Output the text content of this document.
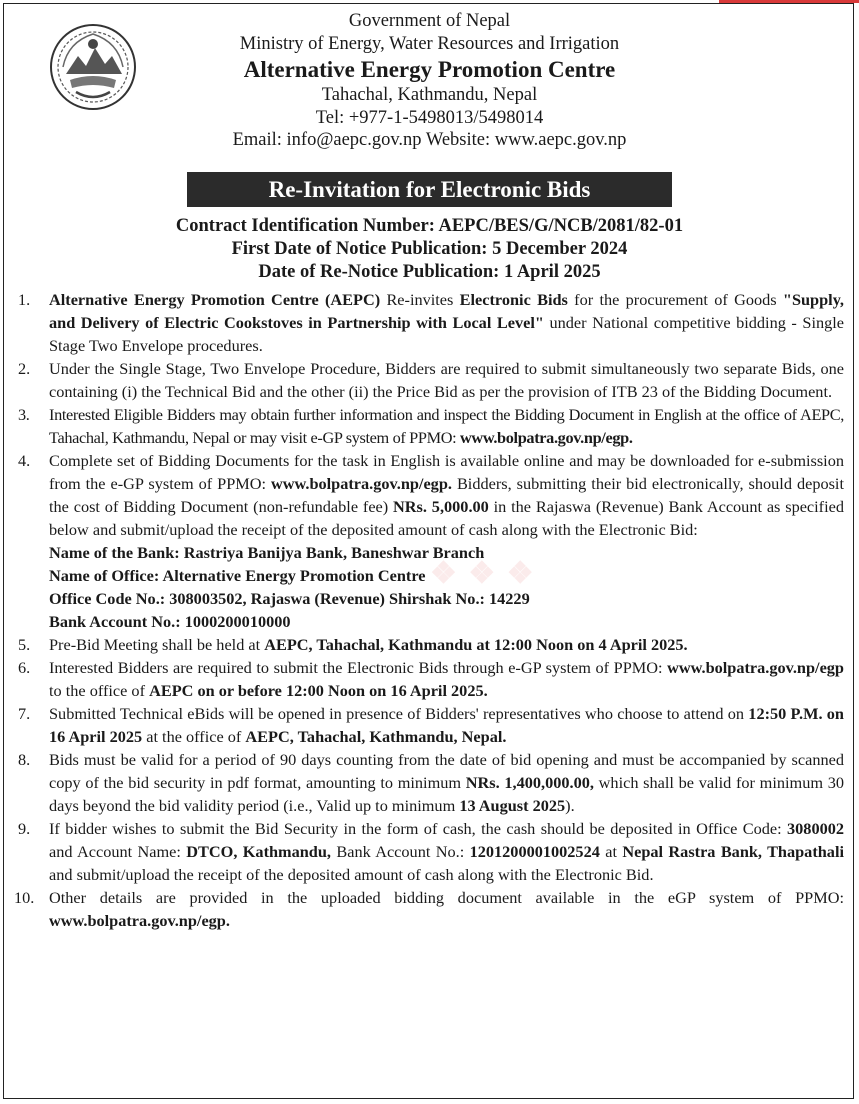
Government of Nepal
Ministry of Energy, Water Resources and Irrigation
Alternative Energy Promotion Centre
Tahachal, Kathmandu, Nepal
Tel: +977-1-5498013/5498014
Email: info@aepc.gov.np Website: www.aepc.gov.np
Re-Invitation for Electronic Bids
Contract Identification Number: AEPC/BES/G/NCB/2081/82-01
First Date of Notice Publication: 5 December 2024
Date of Re-Notice Publication: 1 April 2025
❖ ❖ ❖
1. Alternative Energy Promotion Centre (AEPC) Re-invites Electronic Bids for the procurement of Goods "Supply, and Delivery of Electric Cookstoves in Partnership with Local Level" under National competitive bidding - Single Stage Two Envelope procedures.
2. Under the Single Stage, Two Envelope Procedure, Bidders are required to submit simultaneously two separate Bids, one containing (i) the Technical Bid and the other (ii) the Price Bid as per the provision of ITB 23 of the Bidding Document.
3. Interested Eligible Bidders may obtain further information and inspect the Bidding Document in English at the office of AEPC, Tahachal, Kathmandu, Nepal or may visit e-GP system of PPMO: www.bolpatra.gov.np/egp.
4. Complete set of Bidding Documents for the task in English is available online and may be downloaded for e-submission from the e-GP system of PPMO: www.bolpatra.gov.np/egp. Bidders, submitting their bid electronically, should deposit the cost of Bidding Document (non-refundable fee) NRs. 5,000.00 in the Rajaswa (Revenue) Bank Account as specified below and submit/upload the receipt of the deposited amount of cash along with the Electronic Bid:
Name of the Bank: Rastriya Banijya Bank, Baneshwar Branch
Name of Office: Alternative Energy Promotion Centre
Office Code No.: 308003502, Rajaswa (Revenue) Shirshak No.: 14229
Bank Account No.: 1000200010000
5. Pre-Bid Meeting shall be held at AEPC, Tahachal, Kathmandu at 12:00 Noon on 4 April 2025.
6. Interested Bidders are required to submit the Electronic Bids through e-GP system of PPMO: www.bolpatra.gov.np/egp to the office of AEPC on or before 12:00 Noon on 16 April 2025.
7. Submitted Technical eBids will be opened in presence of Bidders' representatives who choose to attend on 12:50 P.M. on 16 April 2025 at the office of AEPC, Tahachal, Kathmandu, Nepal.
8. Bids must be valid for a period of 90 days counting from the date of bid opening and must be accompanied by scanned copy of the bid security in pdf format, amounting to minimum NRs. 1,400,000.00, which shall be valid for minimum 30 days beyond the bid validity period (i.e., Valid up to minimum 13 August 2025).
9. If bidder wishes to submit the Bid Security in the form of cash, the cash should be deposited in Office Code: 3080002 and Account Name: DTCO, Kathmandu, Bank Account No.: 1201200001002524 at Nepal Rastra Bank, Thapathali and submit/upload the receipt of the deposited amount of cash along with the Electronic Bid.
10. Other details are provided in the uploaded bidding document available in the eGP system of PPMO: www.bolpatra.gov.np/egp.
